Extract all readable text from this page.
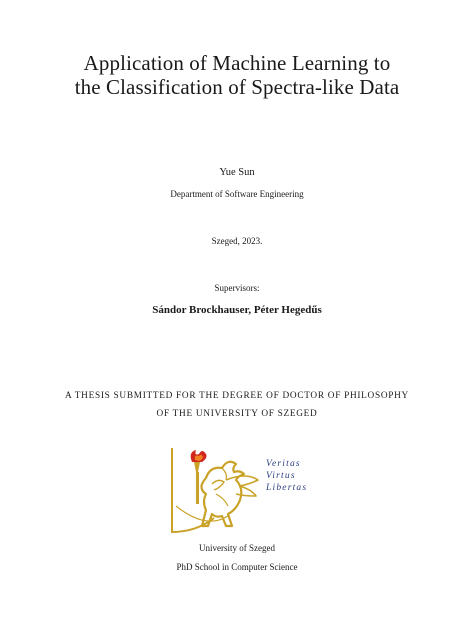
Application of Machine Learning to
the Classification of Spectra-like Data
Yue Sun
Department of Software Engineering
Szeged, 2023.
Supervisors:
Sándor Brockhauser, Péter Hegedűs
A THESIS SUBMITTED FOR THE DEGREE OF DOCTOR OF PHILOSOPHY
OF THE UNIVERSITY OF SZEGED
Veritas
Virtus
Libertas
University of Szeged
PhD School in Computer Science
